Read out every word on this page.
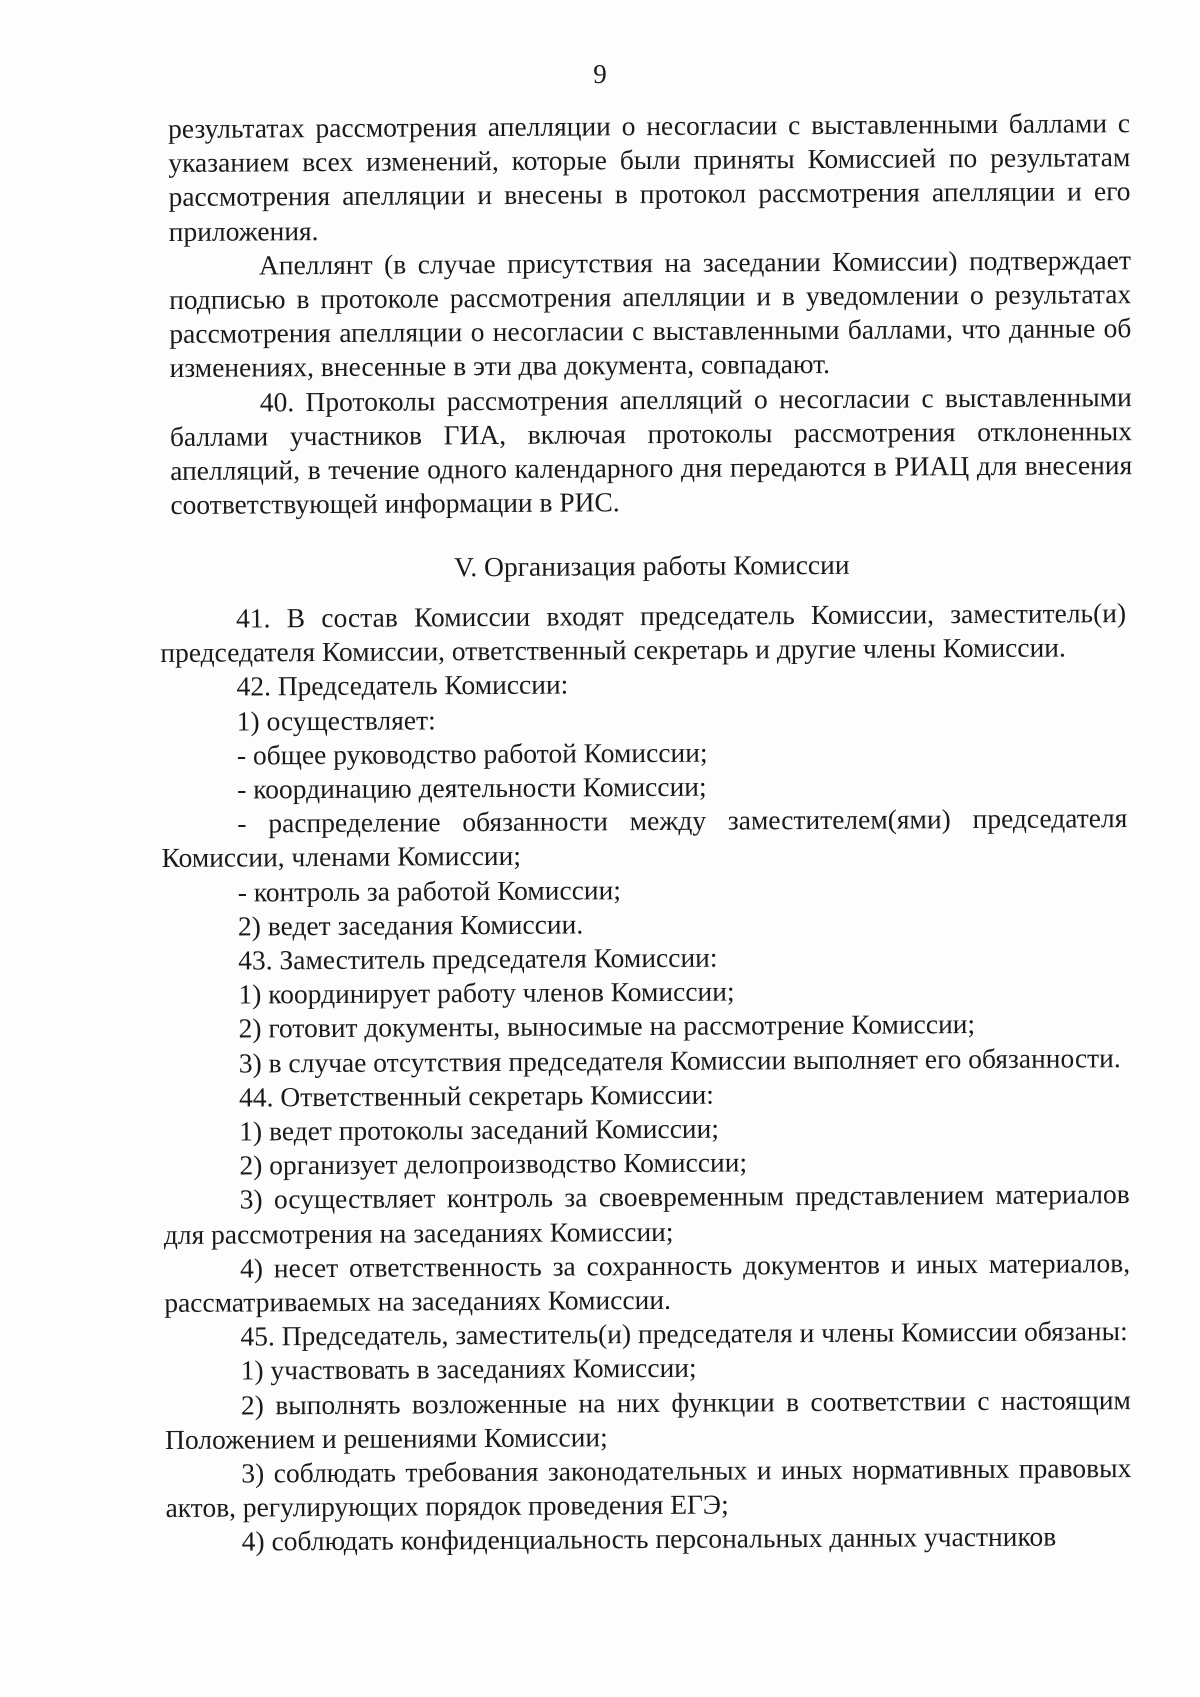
9

результатах рассмотрения апелляции о несогласии с выставленными баллами с указанием всех изменений, которые были приняты Комиссией по результатам рассмотрения апелляции и внесены в протокол рассмотрения апелляции и его приложения.

Апеллянт (в случае присутствия на заседании Комиссии) подтверждает подписью в протоколе рассмотрения апелляции и в уведомлении о результатах рассмотрения апелляции о несогласии с выставленными баллами, что данные об изменениях, внесенные в эти два документа, совпадают.

40. Протоколы рассмотрения апелляций о несогласии с выставленными баллами участников ГИА, включая протоколы рассмотрения отклоненных апелляций, в течение одного календарного дня передаются в РИАЦ для внесения соответствующей информации в РИС.

V. Организация работы Комиссии

41. В состав Комиссии входят председатель Комиссии, заместитель(и) председателя Комиссии, ответственный секретарь и другие члены Комиссии.

42. Председатель Комиссии:

1) осуществляет:

- общее руководство работой Комиссии;

- координацию деятельности Комиссии;

- распределение обязанности между заместителем(ями) председателя Комиссии, членами Комиссии;

- контроль за работой Комиссии;

2) ведет заседания Комиссии.

43. Заместитель председателя Комиссии:

1) координирует работу членов Комиссии;

2) готовит документы, выносимые на рассмотрение Комиссии;

3) в случае отсутствия председателя Комиссии выполняет его обязанности.

44. Ответственный секретарь Комиссии:

1) ведет протоколы заседаний Комиссии;

2) организует делопроизводство Комиссии;

3) осуществляет контроль за своевременным представлением материалов для рассмотрения на заседаниях Комиссии;

4) несет ответственность за сохранность документов и иных материалов, рассматриваемых на заседаниях Комиссии.

45. Председатель, заместитель(и) председателя и члены Комиссии обязаны:

1) участвовать в заседаниях Комиссии;

2) выполнять возложенные на них функции в соответствии с настоящим Положением и решениями Комиссии;

3) соблюдать требования законодательных и иных нормативных правовых актов, регулирующих порядок проведения ЕГЭ;

4) соблюдать конфиденциальность персональных данных участников
